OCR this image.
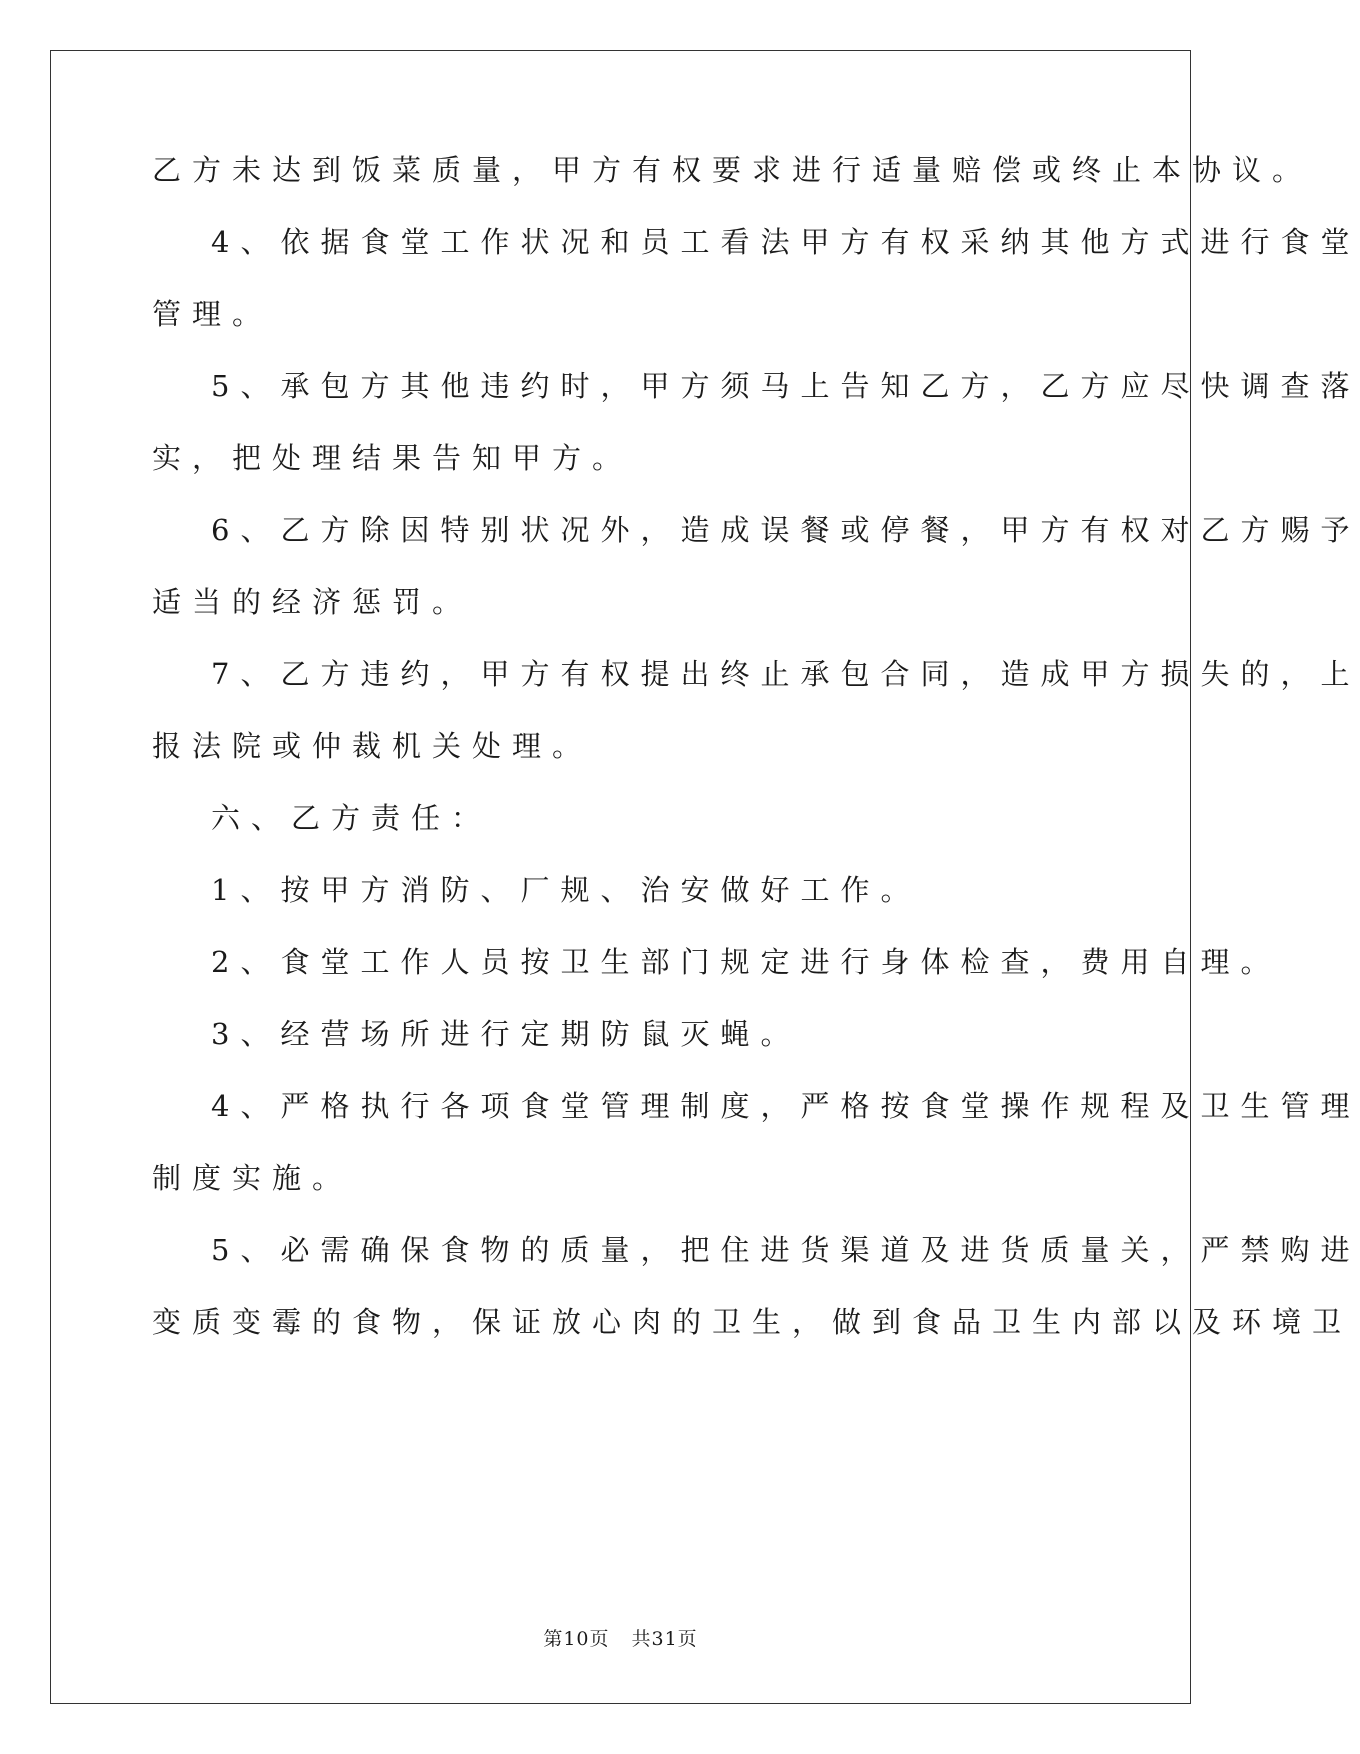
乙方未达到饭菜质量，甲方有权要求进行适量赔偿或终止本协议。
4、依据食堂工作状况和员工看法甲方有权采纳其他方式进行食堂
管理。
5、承包方其他违约时，甲方须马上告知乙方，乙方应尽快调查落
实，把处理结果告知甲方。
6、乙方除因特别状况外，造成误餐或停餐，甲方有权对乙方赐予
适当的经济惩罚。
7、乙方违约，甲方有权提出终止承包合同，造成甲方损失的，上
报法院或仲裁机关处理。
六、乙方责任：
1、按甲方消防、厂规、治安做好工作。
2、食堂工作人员按卫生部门规定进行身体检查，费用自理。
3、经营场所进行定期防鼠灭蝇。
4、严格执行各项食堂管理制度，严格按食堂操作规程及卫生管理
制度实施。
5、必需确保食物的质量，把住进货渠道及进货质量关，严禁购进
变质变霉的食物，保证放心肉的卫生，做到食品卫生内部以及环境卫
第10页 共31页
